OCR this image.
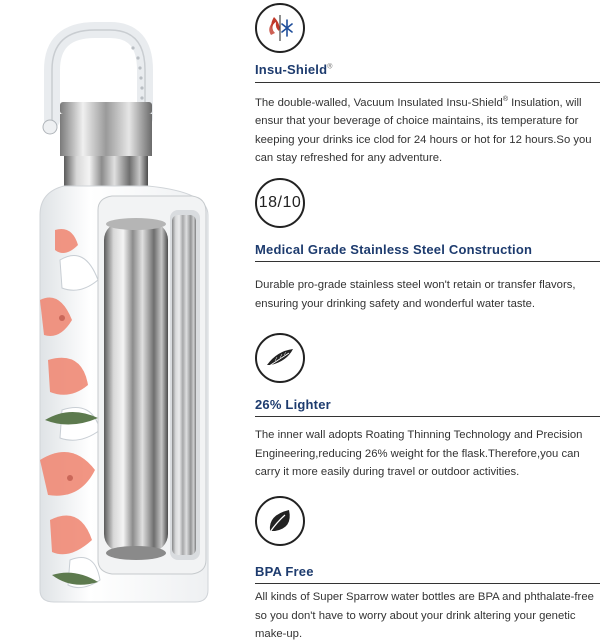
Insu-Shield®
The double-walled, Vacuum Insulated Insu-Shield® Insulation, will ensur that your beverage of choice maintains, its temperature for keeping your drinks ice clod for 24 hours or hot for 12 hours.So you can stay refreshed for any adventure.
18/10
Medical Grade Stainless Steel Construction
Durable pro-grade stainless steel won't retain or transfer flavors, ensuring your drinking safety and wonderful water taste.
26% Lighter
The inner wall adopts Roating Thinning Technology and Precision Engineering,reducing 26% weight for the flask.Therefore,you can carry it more easily during travel or outdoor activities.
BPA Free
All kinds of Super Sparrow water bottles are BPA and phthalate-free so you don't have to worry about your drink altering your genetic make-up.
